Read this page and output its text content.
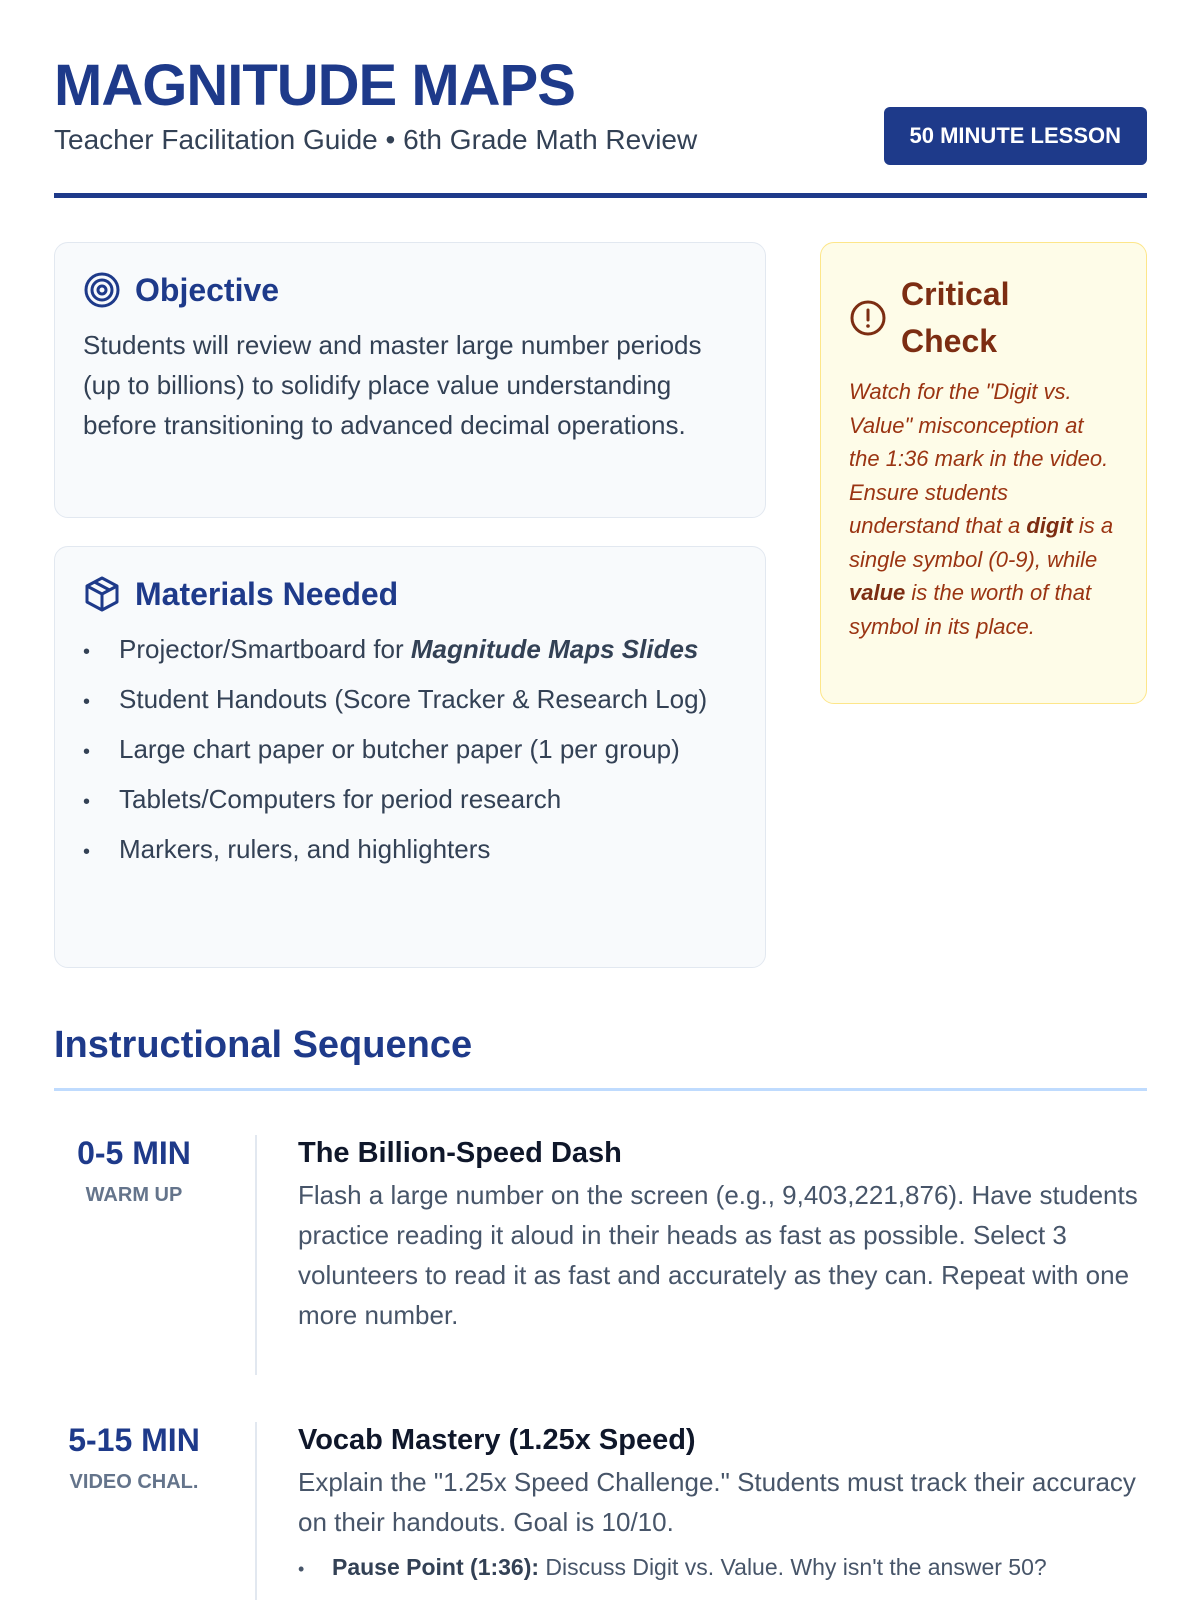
MAGNITUDE MAPS
Teacher Facilitation Guide • 6th Grade Math Review	50 MINUTE LESSON
Objective

Students will review and master large number periods (up to billions) to solidify place value understanding before transitioning to advanced decimal operations.

Materials Needed
•Projector/Smartboard for Magnitude Maps Slides
•Student Handouts (Score Tracker & Research Log)
•Large chart paper or butcher paper (1 per group)
•Tablets/Computers for period research
•Markers, rulers, and highlighters
Critical
Check

Watch for the "Digit vs. Value" misconception at the 1:36 mark in the video. Ensure students understand that a digit is a single symbol (0-9), while value is the worth of that symbol in its place.

Instructional Sequence
0-5 MIN
WARM UP
The Billion-Speed Dash

Flash a large number on the screen (e.g., 9,403,221,876). Have students practice reading it aloud in their heads as fast as possible. Select 3 volunteers to read it as fast and accurately as they can. Repeat with one more number.

5-15 MIN
VIDEO CHAL.
Vocab Mastery (1.25x Speed)

Explain the "1.25x Speed Challenge." Students must track their accuracy on their handouts. Goal is 10/10.

•Pause Point (1:36): Discuss Digit vs. Value. Why isn't the answer 50?
